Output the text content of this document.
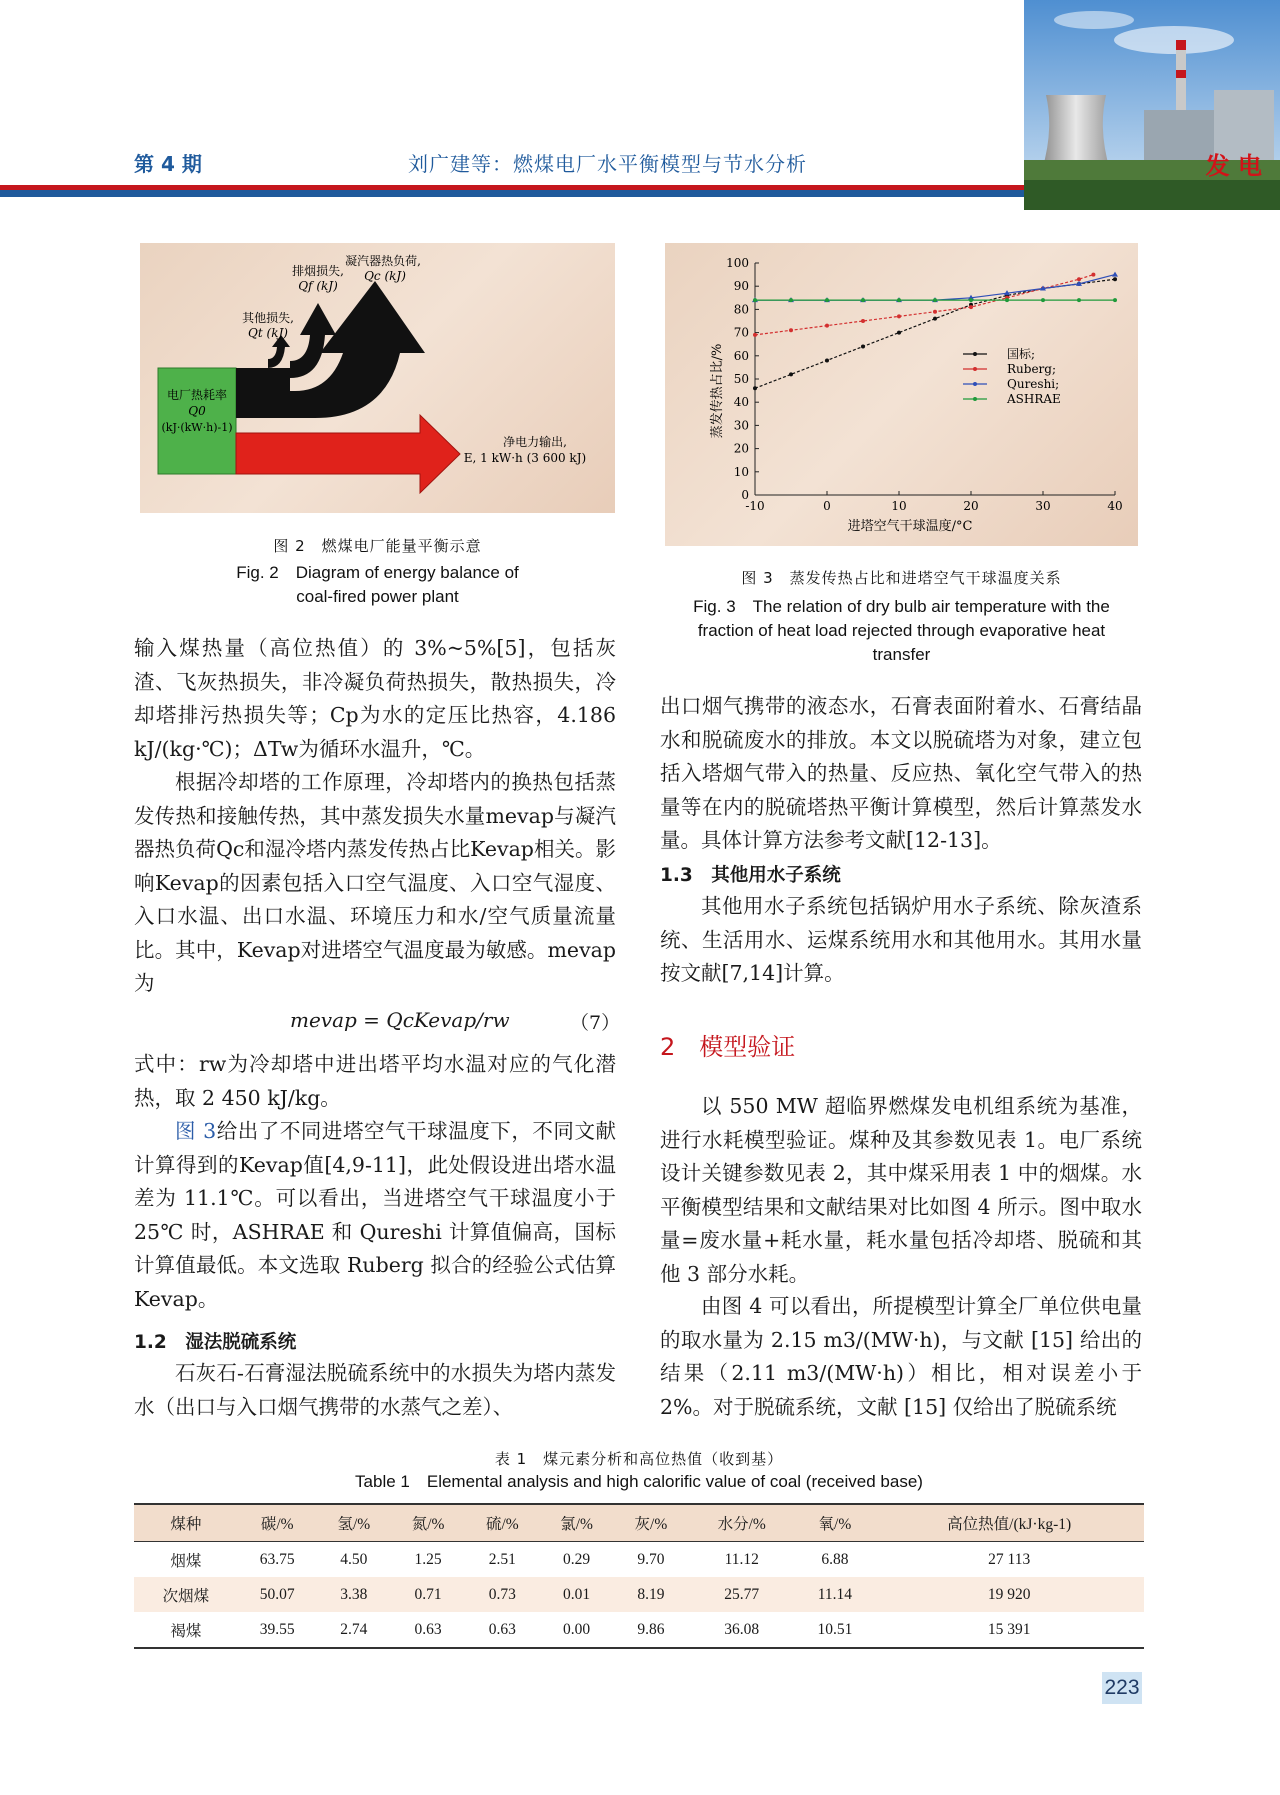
第 4 期	刘广建等：燃煤电厂水平衡模型与节水分析	发 电
凝汽器热负荷,
Qc (kJ)
排烟损失,
Qf (kJ)
其他损失,
Qt (kJ)
电厂热耗率
Q0
(kJ·(kW·h)-1)
净电力输出,
E, 1 kW·h (3 600 kJ)
图 2　燃煤电厂能量平衡示意
Fig. 2　Diagram of energy balance of
coal-fired power plant
-10	0	10	20	30	40
0
10
20
30
40
50
60
70
80
90
100
国标;
Ruberg;
Qureshi;
ASHRAE
进塔空气干球温度/°C
蒸发传热占比/%
图 3　蒸发传热占比和进塔空气干球温度关系
Fig. 3　The relation of dry bulb air temperature with the
fraction of heat load rejected through evaporative heat
transfer
输入煤热量（高位热值）的 3%~5%[5]，包括灰渣、飞灰热损失，非冷凝负荷热损失，散热损失，冷却塔排污热损失等；Cp为水的定压比热容，4.186 kJ/(kg·℃)；ΔTw为循环水温升，℃。
根据冷却塔的工作原理，冷却塔内的换热包括蒸发传热和接触传热，其中蒸发损失水量mevap与凝汽器热负荷Qc和湿冷塔内蒸发传热占比Kevap相关。影响Kevap的因素包括入口空气温度、入口空气湿度、入口水温、出口水温、环境压力和水/空气质量流量比。其中，Kevap对进塔空气温度最为敏感。mevap为
mevap = QcKevap/rw	（7）
式中：rw为冷却塔中进出塔平均水温对应的气化潜热，取 2 450 kJ/kg。
图 3给出了不同进塔空气干球温度下，不同文献计算得到的Kevap值[4,9-11]，此处假设进出塔水温差为 11.1℃。可以看出，当进塔空气干球温度小于 25℃ 时，ASHRAE 和 Qureshi 计算值偏高，国标计算值最低。本文选取 Ruberg 拟合的经验公式估算Kevap。
1.2　湿法脱硫系统
石灰石-石膏湿法脱硫系统中的水损失为塔内蒸发水（出口与入口烟气携带的水蒸气之差）、
出口烟气携带的液态水，石膏表面附着水、石膏结晶水和脱硫废水的排放。本文以脱硫塔为对象，建立包括入塔烟气带入的热量、反应热、氧化空气带入的热量等在内的脱硫塔热平衡计算模型，然后计算蒸发水量。具体计算方法参考文献[12-13]。
1.3　其他用水子系统
其他用水子系统包括锅炉用水子系统、除灰渣系统、生活用水、运煤系统用水和其他用水。其用水量按文献[7,14]计算。
2　模型验证
以 550 MW 超临界燃煤发电机组系统为基准，进行水耗模型验证。煤种及其参数见表 1。电厂系统设计关键参数见表 2，其中煤采用表 1 中的烟煤。水平衡模型结果和文献结果对比如图 4 所示。图中取水量=废水量+耗水量，耗水量包括冷却塔、脱硫和其他 3 部分水耗。
由图 4 可以看出，所提模型计算全厂单位供电量的取水量为 2.15 m3/(MW·h)，与文献 [15] 给出的结果（2.11 m3/(MW·h)）相比，相对误差小于 2%。对于脱硫系统，文献 [15] 仅给出了脱硫系统
表 1　煤元素分析和高位热值（收到基）
Table 1　Elemental analysis and high calorific value of coal (received base)
煤种	碳/%	氢/%	氮/%	硫/%	氯/%	灰/%	水分/%	氧/%	高位热值/(kJ·kg-1)
烟煤	63.75	4.50	1.25	2.51	0.29	9.70	11.12	6.88	27 113
次烟煤	50.07	3.38	0.71	0.73	0.01	8.19	25.77	11.14	19 920
褐煤	39.55	2.74	0.63	0.63	0.00	9.86	36.08	10.51	15 391
223
